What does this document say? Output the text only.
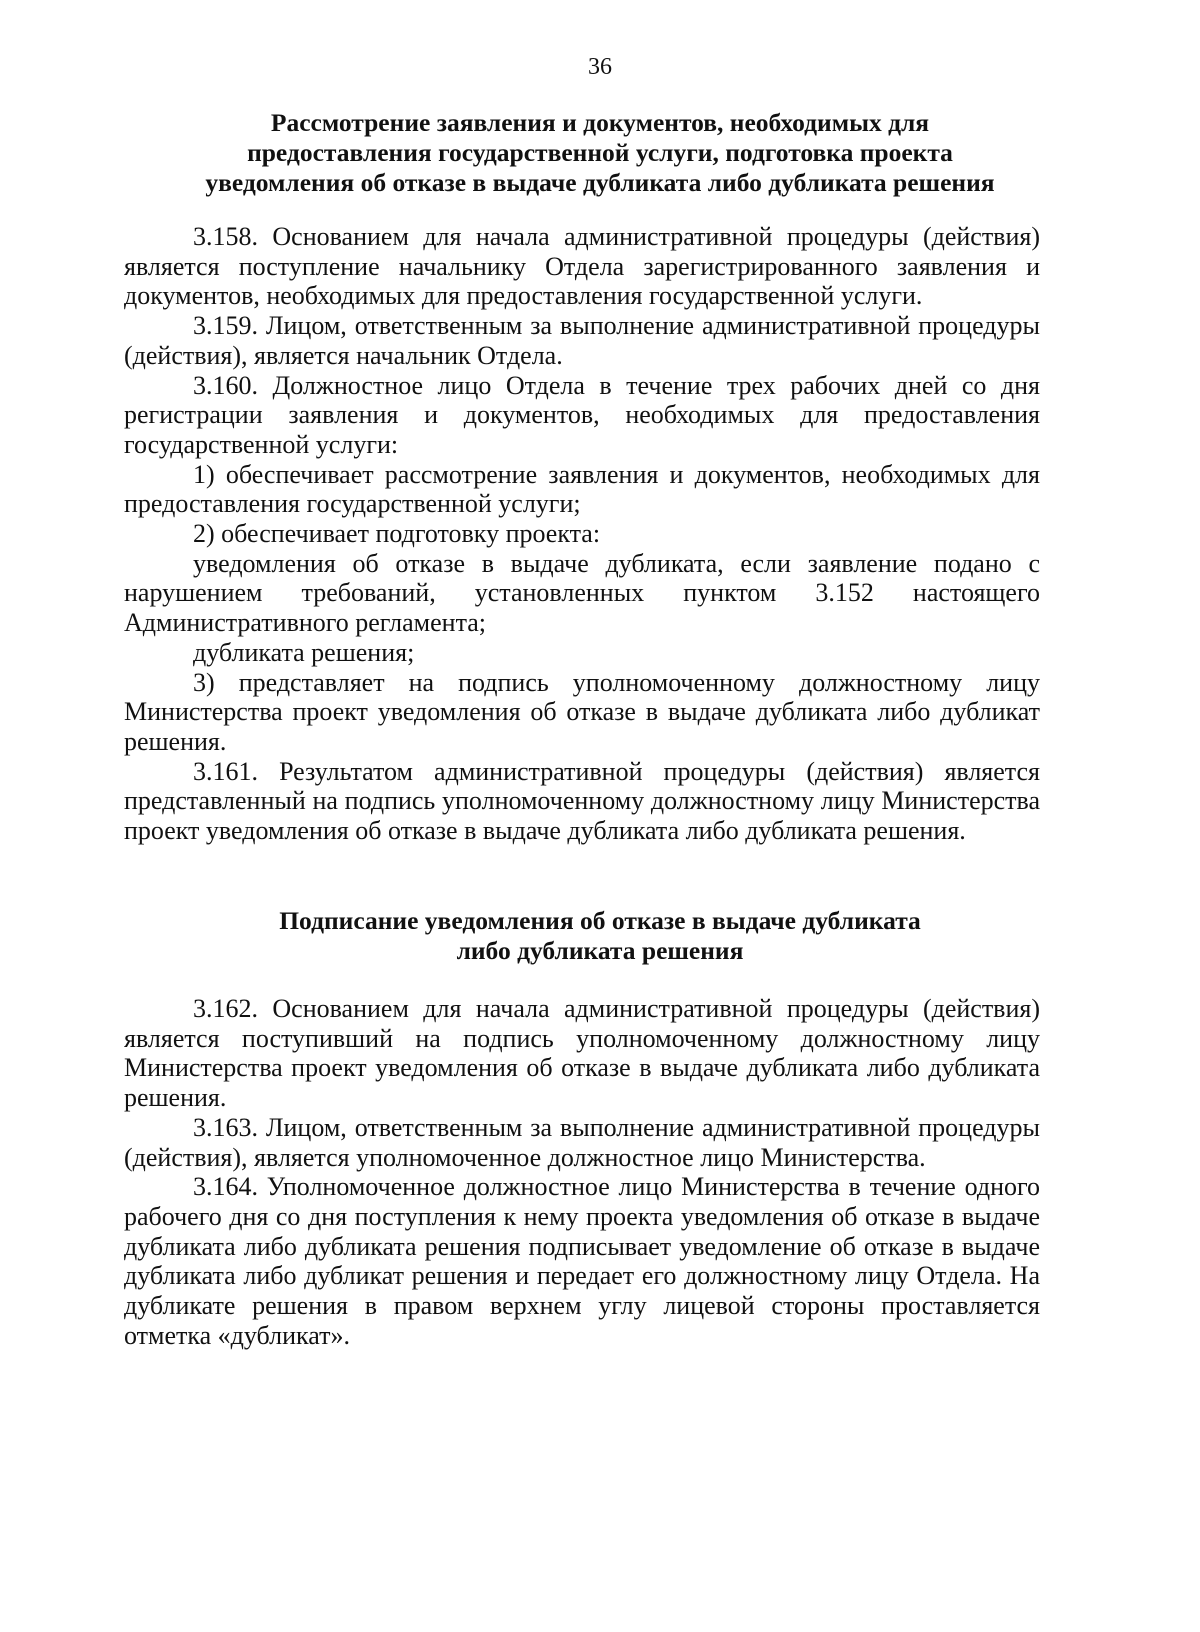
36
Рассмотрение заявления и документов, необходимых для
предоставления государственной услуги, подготовка проекта
уведомления об отказе в выдаче дубликата либо дубликата решения

3.158. Основанием для начала административной процедуры (действия) является поступление начальнику Отдела зарегистрированного заявления и документов, необходимых для предоставления государственной услуги.

3.159. Лицом, ответственным за выполнение административной процедуры (действия), является начальник Отдела.

3.160. Должностное лицо Отдела в течение трех рабочих дней со дня регистрации заявления и документов, необходимых для предоставления государственной услуги:

1) обеспечивает рассмотрение заявления и документов, необходимых для предоставления государственной услуги;

2) обеспечивает подготовку проекта:

уведомления об отказе в выдаче дубликата, если заявление подано с нарушением требований, установленных пунктом 3.152 настоящего Административного регламента;

дубликата решения;

3) представляет на подпись уполномоченному должностному лицу Министерства проект уведомления об отказе в выдаче дубликата либо дубликат решения.

3.161. Результатом административной процедуры (действия) является представленный на подпись уполномоченному должностному лицу Министерства проект уведомления об отказе в выдаче дубликата либо дубликата решения.

Подписание уведомления об отказе в выдаче дубликата
либо дубликата решения

3.162. Основанием для начала административной процедуры (действия) является поступивший на подпись уполномоченному должностному лицу Министерства проект уведомления об отказе в выдаче дубликата либо дубликата решения.

3.163. Лицом, ответственным за выполнение административной процедуры (действия), является уполномоченное должностное лицо Министерства.

3.164. Уполномоченное должностное лицо Министерства в течение одного рабочего дня со дня поступления к нему проекта уведомления об отказе в выдаче дубликата либо дубликата решения подписывает уведомление об отказе в выдаче дубликата либо дубликат решения и передает его должностному лицу Отдела. На дубликате решения в правом верхнем углу лицевой стороны проставляется отметка «дубликат».
